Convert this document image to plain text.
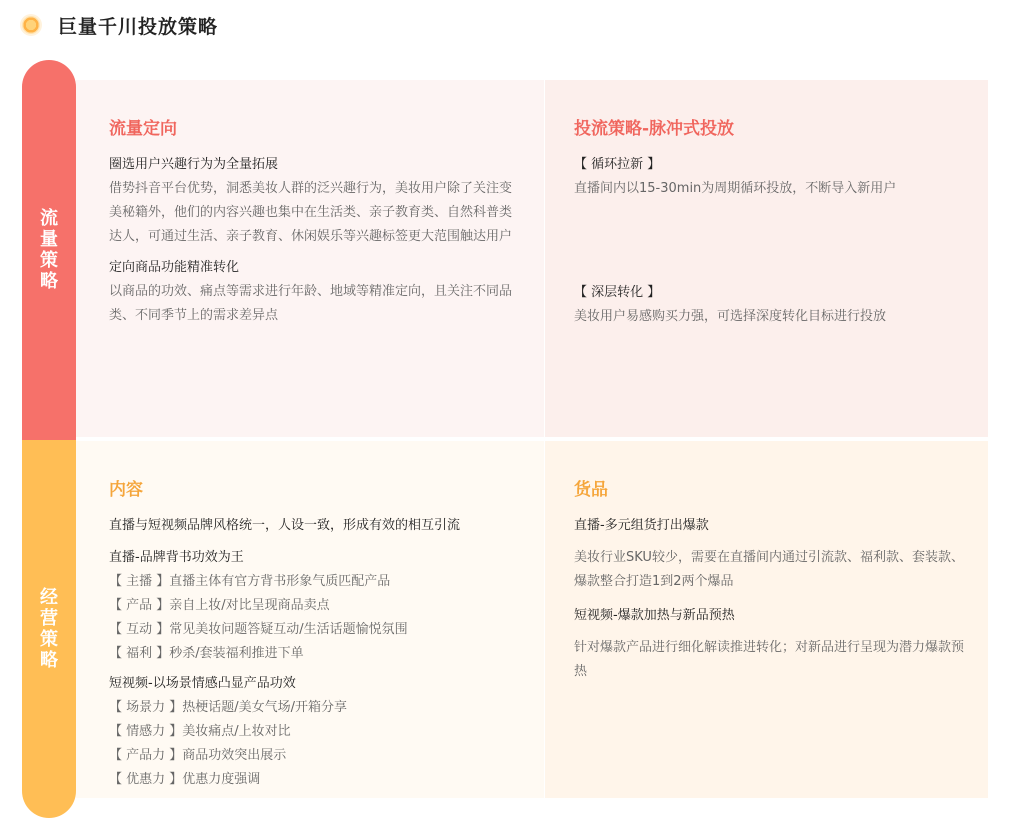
巨量千川投放策略
流量策略
经营策略
流量定向
圈选用户兴趣行为为全量拓展
借势抖音平台优势，洞悉美妆人群的泛兴趣行为，美妆用户除了关注变美秘籍外，他们的内容兴趣也集中在生活类、亲子教育类、自然科普类达人，可通过生活、亲子教育、休闲娱乐等兴趣标签更大范围触达用户
定向商品功能精准转化
以商品的功效、痛点等需求进行年龄、地域等精准定向，且关注不同品类、不同季节上的需求差异点
投流策略-脉冲式投放
【 循环拉新 】
直播间内以15-30min为周期循环投放，不断导入新用户
【 深层转化 】
美妆用户易感购买力强，可选择深度转化目标进行投放
内容
直播与短视频品牌风格统一，人设一致，形成有效的相互引流
直播-品牌背书功效为王
【 主播 】直播主体有官方背书形象气质匹配产品
【 产品 】亲自上妆/对比呈现商品卖点
【 互动 】常见美妆问题答疑互动/生活话题愉悦氛围
【 福利 】秒杀/套装福利推进下单
短视频-以场景情感凸显产品功效
【 场景力 】热梗话题/美女气场/开箱分享
【 情感力 】美妆痛点/上妆对比
【 产品力 】商品功效突出展示
【 优惠力 】优惠力度强调
货品
直播-多元组货打出爆款
美妆行业SKU较少，需要在直播间内通过引流款、福利款、套装款、爆款整合打造1到2两个爆品
短视频-爆款加热与新品预热
针对爆款产品进行细化解读推进转化；对新品进行呈现为潜力爆款预热
